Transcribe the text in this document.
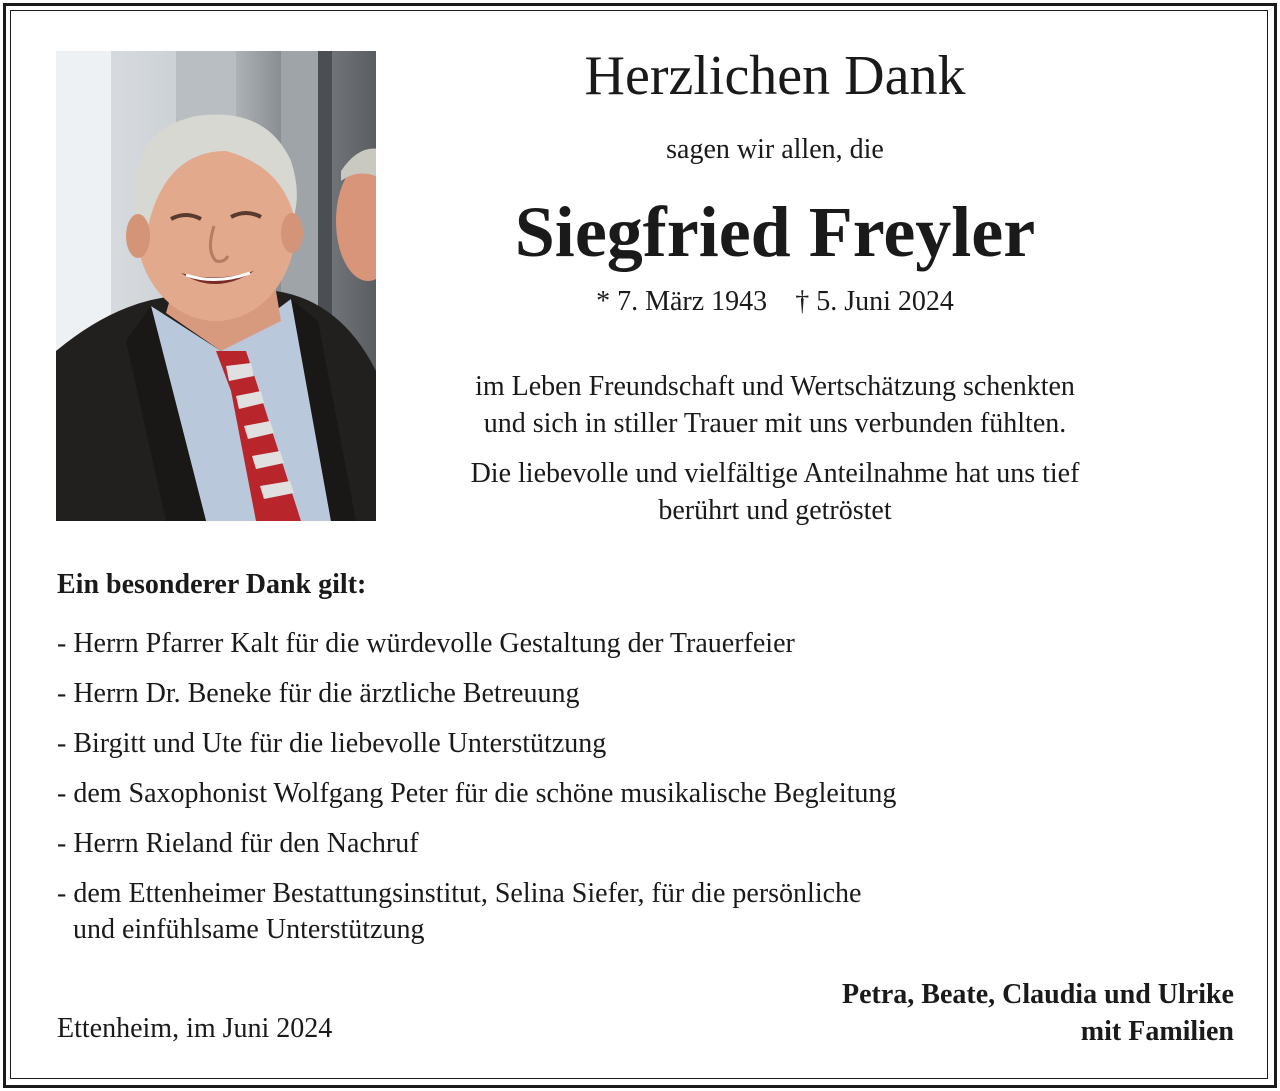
Herzlichen Dank
sagen wir allen, die
Siegfried Freyler
* 7. März 1943 † 5. Juni 2024
im Leben Freundschaft und Wertschätzung schenkten
und sich in stiller Trauer mit uns verbunden fühlten.
Die liebevolle und vielfältige Anteilnahme hat uns tief
berührt und getröstet
Ein besonderer Dank gilt:
- Herrn Pfarrer Kalt für die würdevolle Gestaltung der Trauerfeier
- Herrn Dr. Beneke für die ärztliche Betreuung
- Birgitt und Ute für die liebevolle Unterstützung
- dem Saxophonist Wolfgang Peter für die schöne musikalische Begleitung
- Herrn Rieland für den Nachruf
- dem Ettenheimer Bestattungsinstitut, Selina Siefer, für die persönliche
und einfühlsame Unterstützung
Ettenheim, im Juni 2024
Petra, Beate, Claudia und Ulrike
mit Familien
